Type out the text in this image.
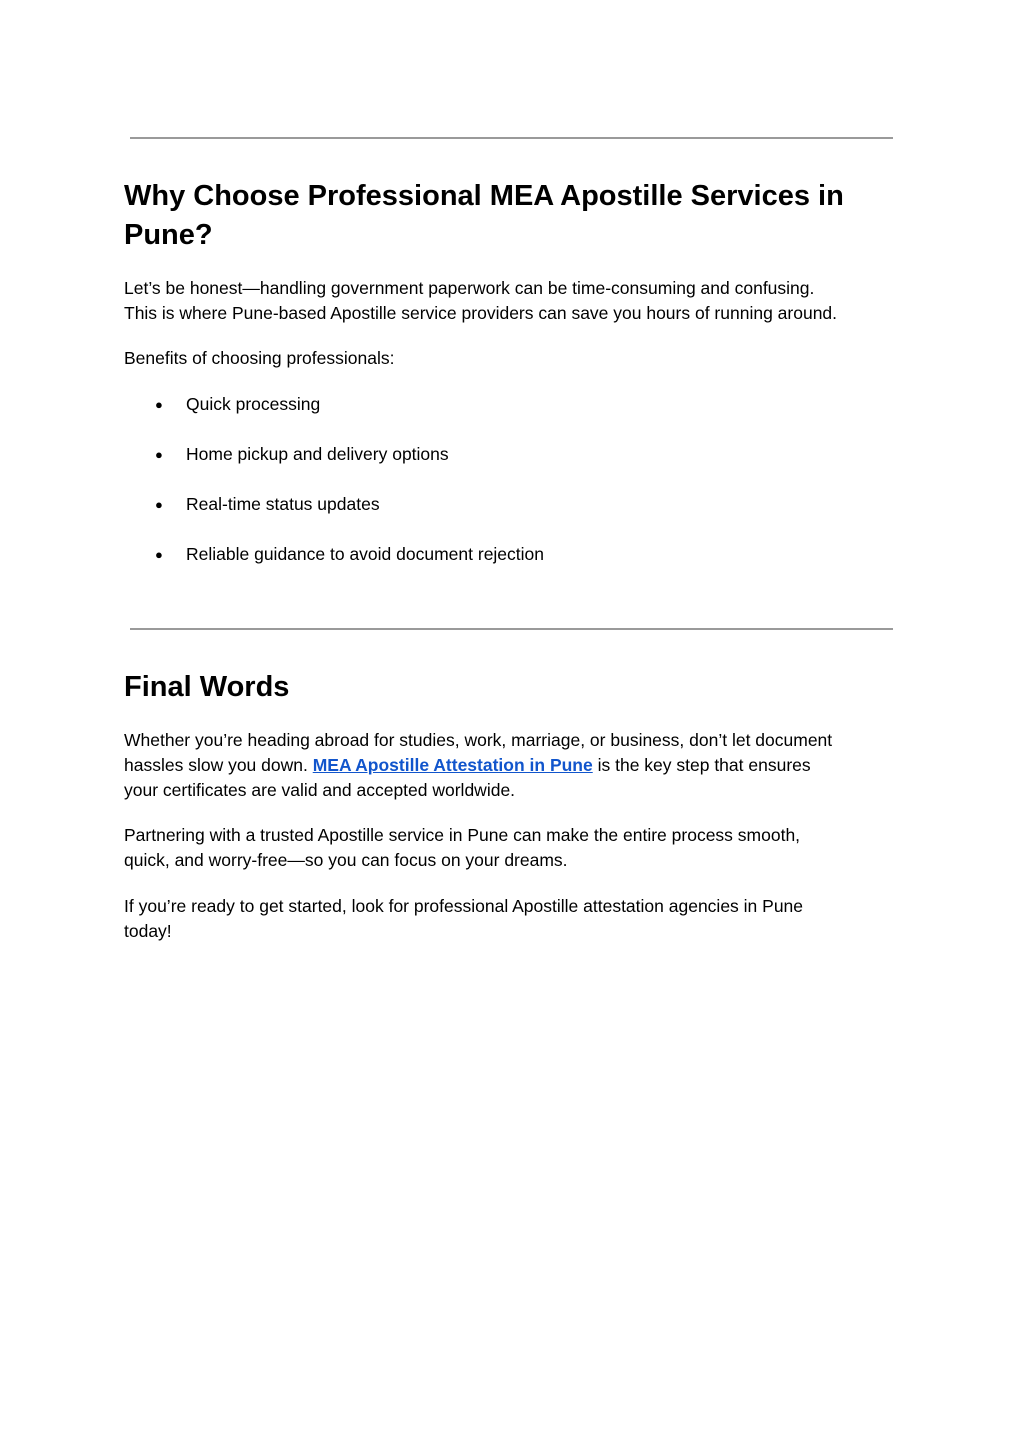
Why Choose Professional MEA Apostille Services in Pune?

Let’s be honest—handling government paperwork can be time-consuming and confusing.
This is where Pune-based Apostille service providers can save you hours of running around.

Benefits of choosing professionals:

● Quick processing
● Home pickup and delivery options
● Real-time status updates
● Reliable guidance to avoid document rejection
Final Words

Whether you’re heading abroad for studies, work, marriage, or business, don’t let document
hassles slow you down. MEA Apostille Attestation in Pune is the key step that ensures
your certificates are valid and accepted worldwide.

Partnering with a trusted Apostille service in Pune can make the entire process smooth,
quick, and worry-free—so you can focus on your dreams.

If you’re ready to get started, look for professional Apostille attestation agencies in Pune
today!
